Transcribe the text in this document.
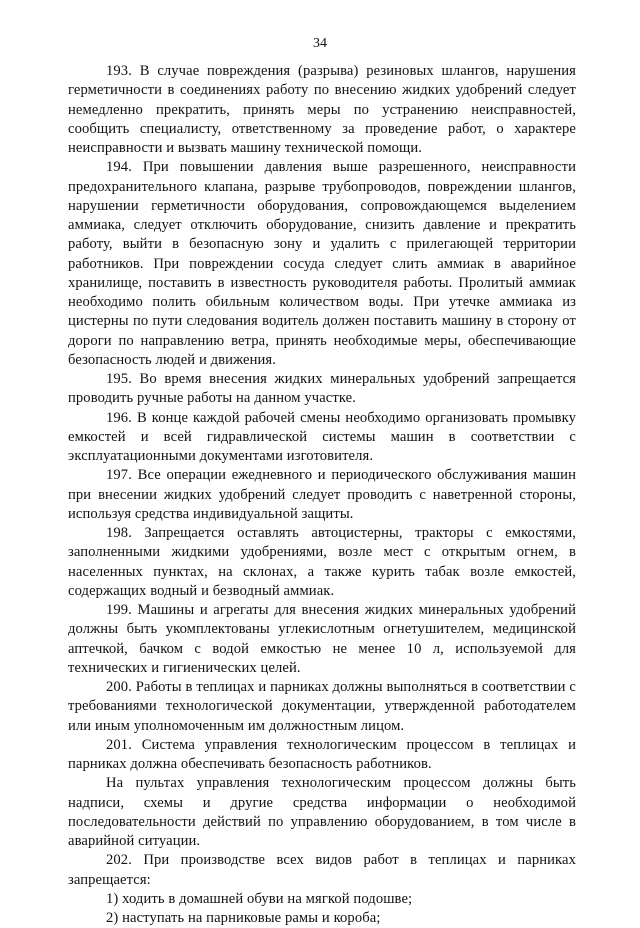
34

193. В случае повреждения (разрыва) резиновых шлангов, нарушения герметичности в соединениях работу по внесению жидких удобрений следует немедленно прекратить, принять меры по устранению неисправностей, сообщить специалисту, ответственному за проведение работ, о характере неисправности и вызвать машину технической помощи.

194. При повышении давления выше разрешенного, неисправности предохранительного клапана, разрыве трубопроводов, повреждении шлангов, нарушении герметичности оборудования, сопровождающемся выделением аммиака, следует отключить оборудование, снизить давление и прекратить работу, выйти в безопасную зону и удалить с прилегающей территории работников. При повреждении сосуда следует слить аммиак в аварийное хранилище, поставить в известность руководителя работы. Пролитый аммиак необходимо полить обильным количеством воды. При утечке аммиака из цистерны по пути следования водитель должен поставить машину в сторону от дороги по направлению ветра, принять необходимые меры, обеспечивающие безопасность людей и движения.

195. Во время внесения жидких минеральных удобрений запрещается проводить ручные работы на данном участке.

196. В конце каждой рабочей смены необходимо организовать промывку емкостей и всей гидравлической системы машин в соответствии с эксплуатационными документами изготовителя.

197. Все операции ежедневного и периодического обслуживания машин при внесении жидких удобрений следует проводить с наветренной стороны, используя средства индивидуальной защиты.

198. Запрещается оставлять автоцистерны, тракторы с емкостями, заполненными жидкими удобрениями, возле мест с открытым огнем, в населенных пунктах, на склонах, а также курить табак возле емкостей, содержащих водный и безводный аммиак.

199. Машины и агрегаты для внесения жидких минеральных удобрений должны быть укомплектованы углекислотным огнетушителем, медицинской аптечкой, бачком с водой емкостью не менее 10 л, используемой для технических и гигиенических целей.

200. Работы в теплицах и парниках должны выполняться в соответствии с требованиями технологической документации, утвержденной работодателем или иным уполномоченным им должностным лицом.

201. Система управления технологическим процессом в теплицах и парниках должна обеспечивать безопасность работников.

На пультах управления технологическим процессом должны быть надписи, схемы и другие средства информации о необходимой последовательности действий по управлению оборудованием, в том числе в аварийной ситуации.

202. При производстве всех видов работ в теплицах и парниках запрещается:

1) ходить в домашней обуви на мягкой подошве;

2) наступать на парниковые рамы и короба;
